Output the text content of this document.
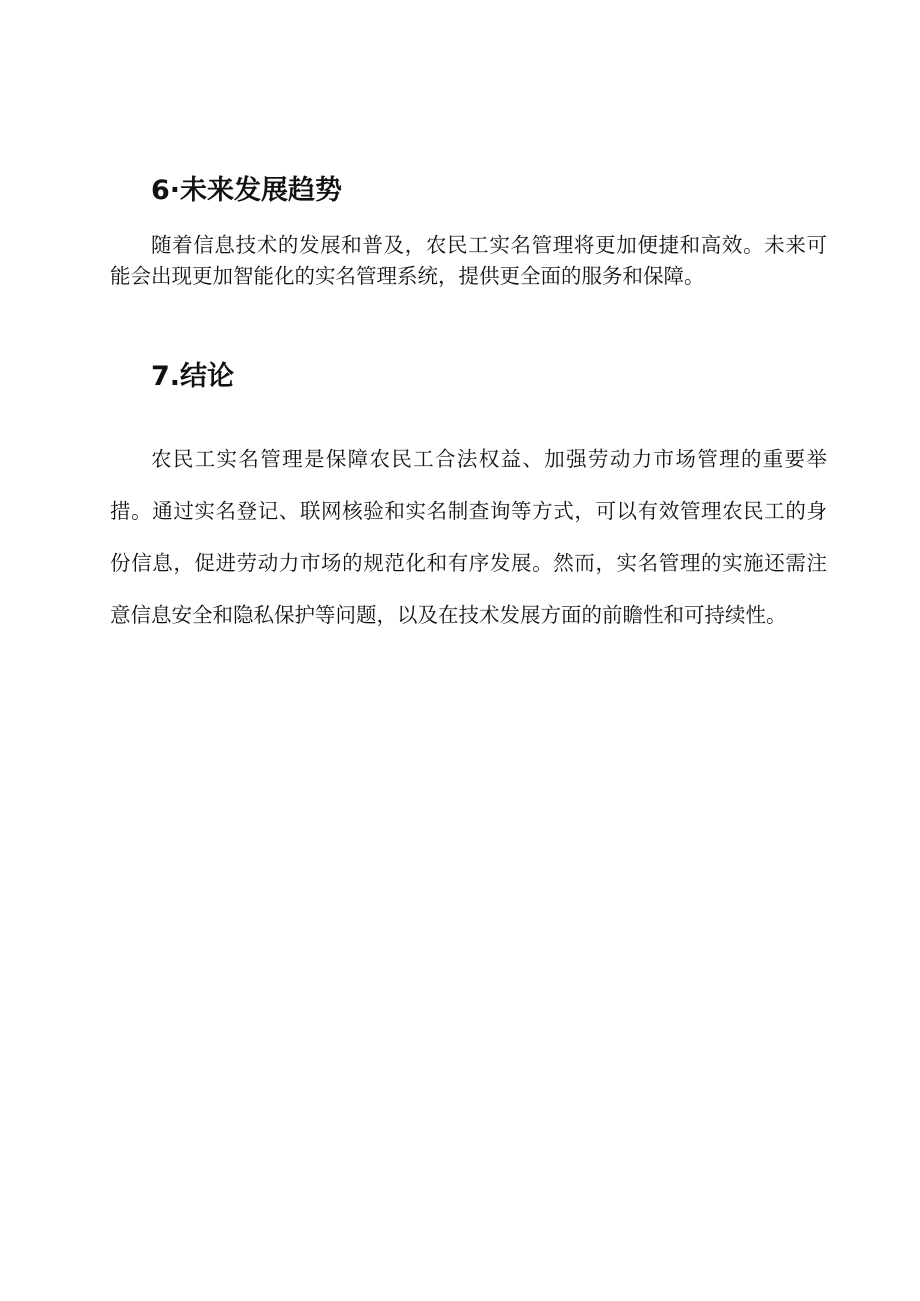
6·未来发展趋势

随着信息技术的发展和普及，农民工实名管理将更加便捷和高效。未来可能会出现更加智能化的实名管理系统，提供更全面的服务和保障。

7.结论

农民工实名管理是保障农民工合法权益、加强劳动力市场管理的重要举措。通过实名登记、联网核验和实名制查询等方式，可以有效管理农民工的身份信息，促进劳动力市场的规范化和有序发展。然而，实名管理的实施还需注意信息安全和隐私保护等问题，以及在技术发展方面的前瞻性和可持续性。
